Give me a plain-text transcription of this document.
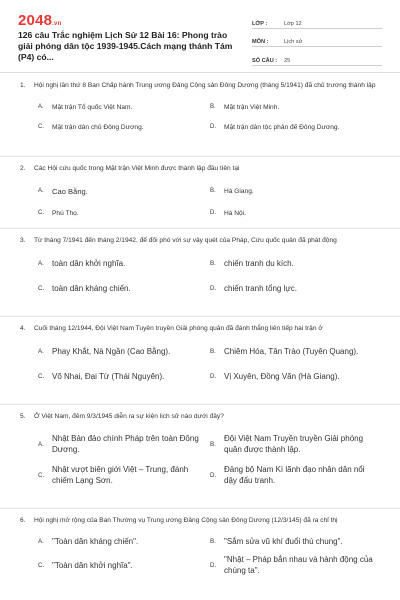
2048.vn
126 câu Trắc nghiệm Lịch Sử 12 Bài 16: Phong trào giải phóng dân tộc 1939-1945.Cách mạng thánh Tám (P4) có...
LỚP :	Lớp 12
MÔN :	Lịch sử
SỐ CÂU :	25
1.	Hội nghị lần thứ 8 Ban Chấp hành Trung ương Đảng Cộng sản Đông Dương (tháng 5/1941) đã chủ trương thành lập
A.	Mặt trận Tổ quốc Việt Nam.	B.	Mặt trận Việt Minh.
C.	Mặt trận dân chủ Đông Dương.	D.	Mặt trận dân tộc phản đế Đông Dương.
2.	Các Hội cứu quốc trong Mặt trận Việt Minh được thành lập đầu tiên tại
A.	Cao Bằng.	B.	Hà Giang.
C.	Phú Thọ.	D.	Hà Nội.
3.	Từ tháng 7/1941 đến tháng 2/1942, để đối phó với sự vây quét của Pháp, Cứu quốc quân đã phát động
A.	toàn dân khởi nghĩa.	B.	chiến tranh du kích.
C. toàn dân kháng chiến.	D. chiến tranh tổng lực.
4.	Cuối tháng 12/1944, Đội Việt Nam Tuyên truyền Giải phóng quân đã đánh thắng liên tiếp hai trận ở
A.	Phay Khắt, Nà Ngần (Cao Bằng).	B.	Chiêm Hóa, Tân Trào (Tuyên Quang).
C. Võ Nhai, Đại Từ (Thái Nguyên).	D. Vị Xuyên, Đồng Văn (Hà Giang).
5.	Ở Việt Nam, đêm 9/3/1945 diễn ra sự kiện lịch sử nào dưới đây?
A.
Nhật Bản đảo chính Pháp trên toàn Đông Dương.
B.
Đội Việt Nam Truyền truyền Giải phóng quân được thành lập.
C.
Nhật vượt biên giới Việt – Trung, đánh chiếm Lạng Sơn.
D.
Đảng bộ Nam Kì lãnh đạo nhân dân nổi dậy đấu tranh.
6.	Hội nghị mở rộng của Ban Thường vụ Trung ương Đảng Cộng sản Đông Dương (12/3/145) đã ra chỉ thị
A.	"Toàn dân kháng chiến".	B.	"Sắm sửa vũ khí đuổi thù chung".
C. "Toàn dân khởi nghĩa".	D.
"Nhật – Pháp bắn nhau và hành động của chúng ta".
